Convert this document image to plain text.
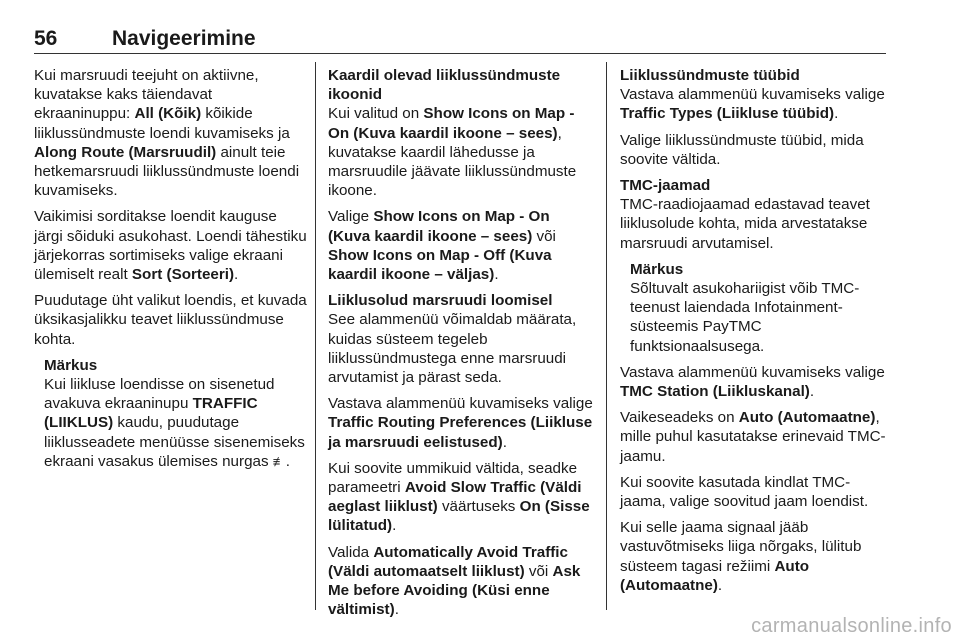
56	Navigeerimine

Kui marsruudi teejuht on aktiivne, kuvatakse kaks täiendavat ekraaninuppu: All (Kõik) kõikide liiklussündmuste loendi kuvamiseks ja Along Route (Marsruudil) ainult teie hetkemarsruudi liiklussündmuste loendi kuvamiseks.

Vaikimisi sorditakse loendit kauguse järgi sõiduki asukohast. Loendi tähestiku järjekorras sortimiseks valige ekraani ülemiselt realt Sort (Sorteeri).

Puudutage üht valikut loendis, et kuvada üksikasjalikku teavet liiklussündmuse kohta.

Märkus
Kui liikluse loendisse on sisenetud avakuva ekraaninupu TRAFFIC (LIIKLUS) kaudu, puudutage liiklusseadete menüüsse sisenemiseks ekraani vasakus ülemises nurgas ≢.
Kaardil olevad liiklussündmuste ikoonid

Kui valitud on Show Icons on Map - On (Kuva kaardil ikoone – sees), kuvatakse kaardil lähedusse ja marsruudile jäävate liiklussündmuste ikoone.

Valige Show Icons on Map - On (Kuva kaardil ikoone – sees) või Show Icons on Map - Off (Kuva kaardil ikoone – väljas).

Liiklusolud marsruudi loomisel

See alammenüü võimaldab määrata, kuidas süsteem tegeleb liiklussündmustega enne marsruudi arvutamist ja pärast seda.

Vastava alammenüü kuvamiseks valige Traffic Routing Preferences (Liikluse ja marsruudi eelistused).

Kui soovite ummikuid vältida, seadke parameetri Avoid Slow Traffic (Väldi aeglast liiklust) väärtuseks On (Sisse lülitatud).

Valida Automatically Avoid Traffic (Väldi automaatselt liiklust) või Ask Me before Avoiding (Küsi enne vältimist).

Liiklussündmuste tüübid

Vastava alammenüü kuvamiseks valige Traffic Types (Liikluse tüübid).

Valige liiklussündmuste tüübid, mida soovite vältida.

TMC-jaamad

TMC-raadiojaamad edastavad teavet liiklusolude kohta, mida arvestatakse marsruudi arvutamisel.

Märkus
Sõltuvalt asukohariigist võib TMC-teenust laiendada Infotainment-süsteemis PayTMC funktsionaalsusega.

Vastava alammenüü kuvamiseks valige TMC Station (Liikluskanal).

Vaikeseadeks on Auto (Automaatne), mille puhul kasutatakse erinevaid TMC-jaamu.

Kui soovite kasutada kindlat TMC-jaama, valige soovitud jaam loendist.

Kui selle jaama signaal jääb vastuvõtmiseks liiga nõrgaks, lülitub süsteem tagasi režiimi Auto (Automaatne).

carmanualsonline.info
